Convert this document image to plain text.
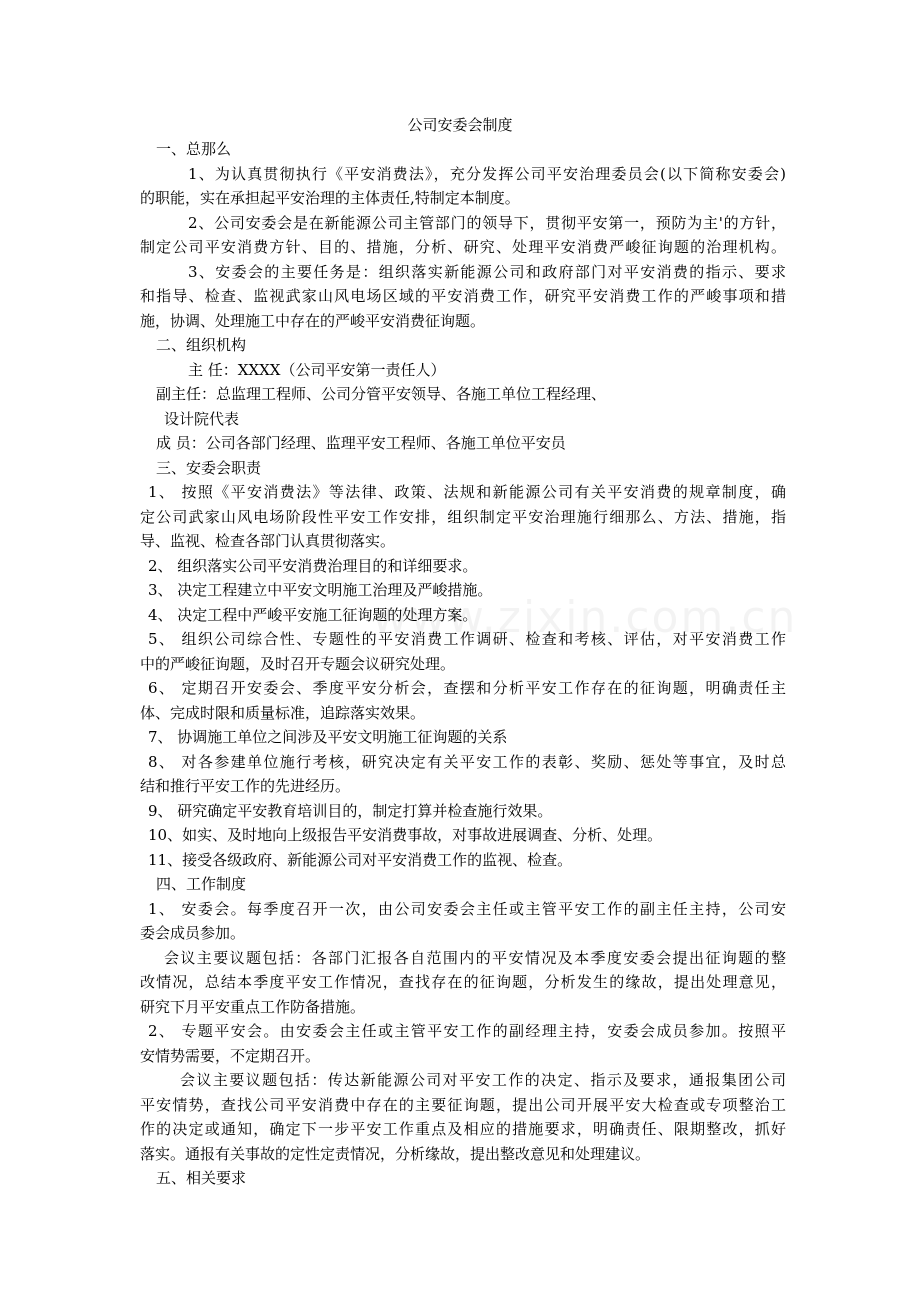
公司安委会制度
一、总那么
1、为认真贯彻执行《平安消费法》，充分发挥公司平安治理委员会(以下简称安委会)
的职能，实在承担起平安治理的主体责任,特制定本制度。
2、公司安委会是在新能源公司主管部门的领导下，贯彻平安第一，预防为主'的方针，
制定公司平安消费方针、目的、措施，分析、研究、处理平安消费严峻征询题的治理机构。
3、安委会的主要任务是：组织落实新能源公司和政府部门对平安消费的指示、要求
和指导、检查、监视武家山风电场区域的平安消费工作，研究平安消费工作的严峻事项和措
施，协调、处理施工中存在的严峻平安消费征询题。
二、组织机构
主 任：XXXX（公司平安第一责任人）
副主任：总监理工程师、公司分管平安领导、各施工单位工程经理、
设计院代表
成 员：公司各部门经理、监理平安工程师、各施工单位平安员
三、安委会职责
1、 按照《平安消费法》等法律、政策、法规和新能源公司有关平安消费的规章制度，确
定公司武家山风电场阶段性平安工作安排，组织制定平安治理施行细那么、方法、措施，指
导、监视、检查各部门认真贯彻落实。
2、 组织落实公司平安消费治理目的和详细要求。
3、 决定工程建立中平安文明施工治理及严峻措施。
4、 决定工程中严峻平安施工征询题的处理方案。
5、 组织公司综合性、专题性的平安消费工作调研、检查和考核、评估，对平安消费工作
中的严峻征询题，及时召开专题会议研究处理。
6、 定期召开安委会、季度平安分析会，查摆和分析平安工作存在的征询题，明确责任主
体、完成时限和质量标准，追踪落实效果。
7、 协调施工单位之间涉及平安文明施工征询题的关系
8、 对各参建单位施行考核，研究决定有关平安工作的表彰、奖励、惩处等事宜，及时总
结和推行平安工作的先进经历。
9、 研究确定平安教育培训目的，制定打算并检查施行效果。
10、如实、及时地向上级报告平安消费事故，对事故进展调查、分析、处理。
11、接受各级政府、新能源公司对平安消费工作的监视、检查。
四、工作制度
1、 安委会。每季度召开一次，由公司安委会主任或主管平安工作的副主任主持，公司安
委会成员参加。
会议主要议题包括：各部门汇报各自范围内的平安情况及本季度安委会提出征询题的整
改情况，总结本季度平安工作情况，查找存在的征询题，分析发生的缘故，提出处理意见，
研究下月平安重点工作防备措施。
2、 专题平安会。由安委会主任或主管平安工作的副经理主持，安委会成员参加。按照平
安情势需要，不定期召开。
会议主要议题包括：传达新能源公司对平安工作的决定、指示及要求，通报集团公司
平安情势，查找公司平安消费中存在的主要征询题，提出公司开展平安大检查或专项整治工
作的决定或通知，确定下一步平安工作重点及相应的措施要求，明确责任、限期整改，抓好
落实。通报有关事故的定性定责情况，分析缘故，提出整改意见和处理建议。
五、相关要求
